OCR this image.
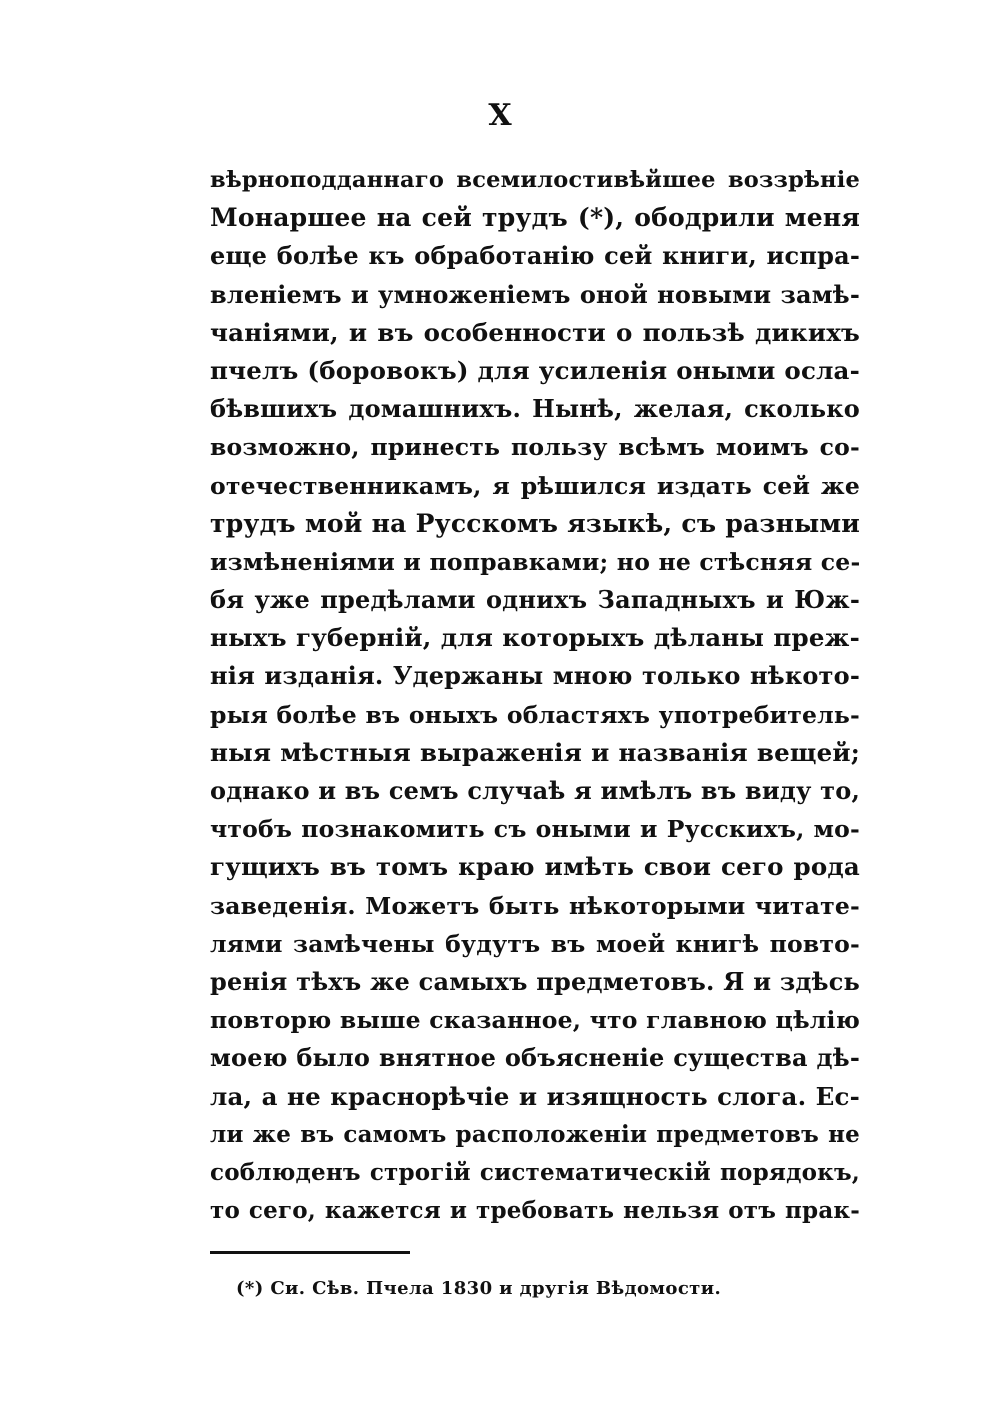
X
вѣрноподданнаго всемилостивѣйшее воззрѣніе
Монаршее на сей трудъ (*), ободрили меня
еще болѣе къ обработанію сей книги, испра-
вленіемъ и умноженіемъ оной новыми замѣ-
чаніями, и въ особенности о пользѣ дикихъ
пчелъ (боровокъ) для усиленія оными осла-
бѣвшихъ домашнихъ. Нынѣ, желая, сколько
возможно, принесть пользу всѣмъ моимъ со-
отечественникамъ, я рѣшился издать сей же
трудъ мой на Русскомъ языкѣ, съ разными
измѣненіями и поправками; но не стѣсняя се-
бя уже предѣлами однихъ Западныхъ и Юж-
ныхъ губерній, для которыхъ дѣланы преж-
нія изданія. Удержаны мною только нѣкото-
рыя болѣе въ оныхъ областяхъ употребитель-
ныя мѣстныя выраженія и названія вещей;
однако и въ семъ случаѣ я имѣлъ въ виду то,
чтобъ познакомить съ оными и Русскихъ, мо-
гущихъ въ томъ краю имѣть свои сего рода
заведенія. Можетъ быть нѣкоторыми читате-
лями замѣчены будутъ въ моей книгѣ повто-
ренія тѣхъ же самыхъ предметовъ. Я и здѣсь
повторю выше сказанное, что главною цѣлію
моею было внятное объясненіе существа дѣ-
ла, а не краснорѣчіе и изящность слога. Ес-
ли же въ самомъ расположеніи предметовъ не
соблюденъ строгій систематическій порядокъ,
то сего, кажется и требовать нельзя отъ прак-
(*) Си. Сѣв. Пчела 1830 и другія Вѣдомости.
